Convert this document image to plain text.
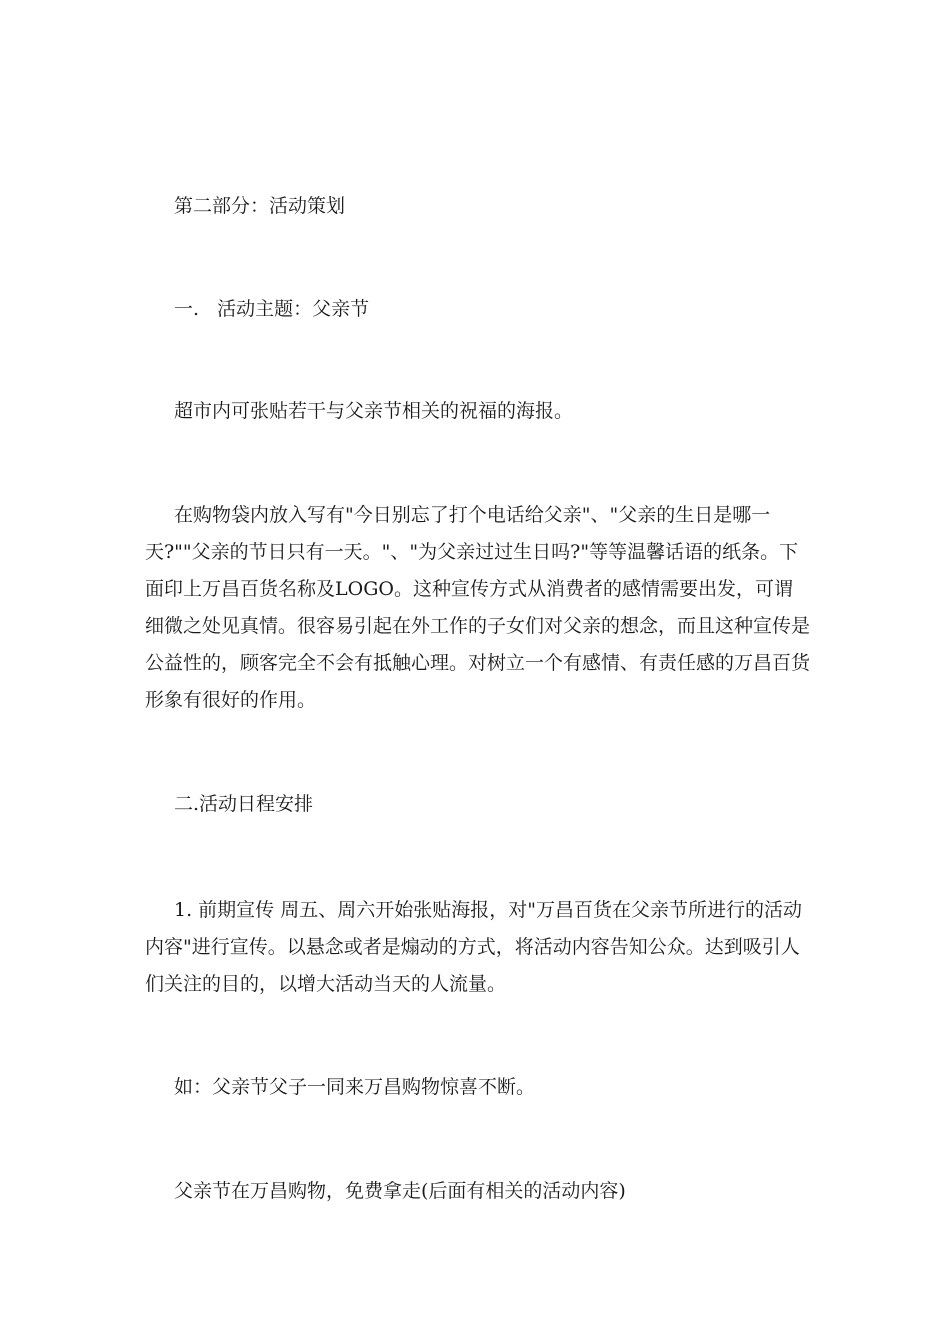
第二部分：活动策划

一.   活动主题：父亲节

超市内可张贴若干与父亲节相关的祝福的海报。

在购物袋内放入写有"今日别忘了打个电话给父亲"、"父亲的生日是哪一天?""父亲的节日只有一天。"、"为父亲过过生日吗?"等等温馨话语的纸条。下面印上万昌百货名称及LOGO。这种宣传方式从消费者的感情需要出发，可谓细微之处见真情。很容易引起在外工作的子女们对父亲的想念，而且这种宣传是公益性的，顾客完全不会有抵触心理。对树立一个有感情、有责任感的万昌百货形象有很好的作用。

二.活动日程安排

1. 前期宣传 周五、周六开始张贴海报，对"万昌百货在父亲节所进行的活动内容"进行宣传。以悬念或者是煽动的方式，将活动内容告知公众。达到吸引人们关注的目的，以增大活动当天的人流量。

如：父亲节父子一同来万昌购物惊喜不断。

父亲节在万昌购物，免费拿走(后面有相关的活动内容)
